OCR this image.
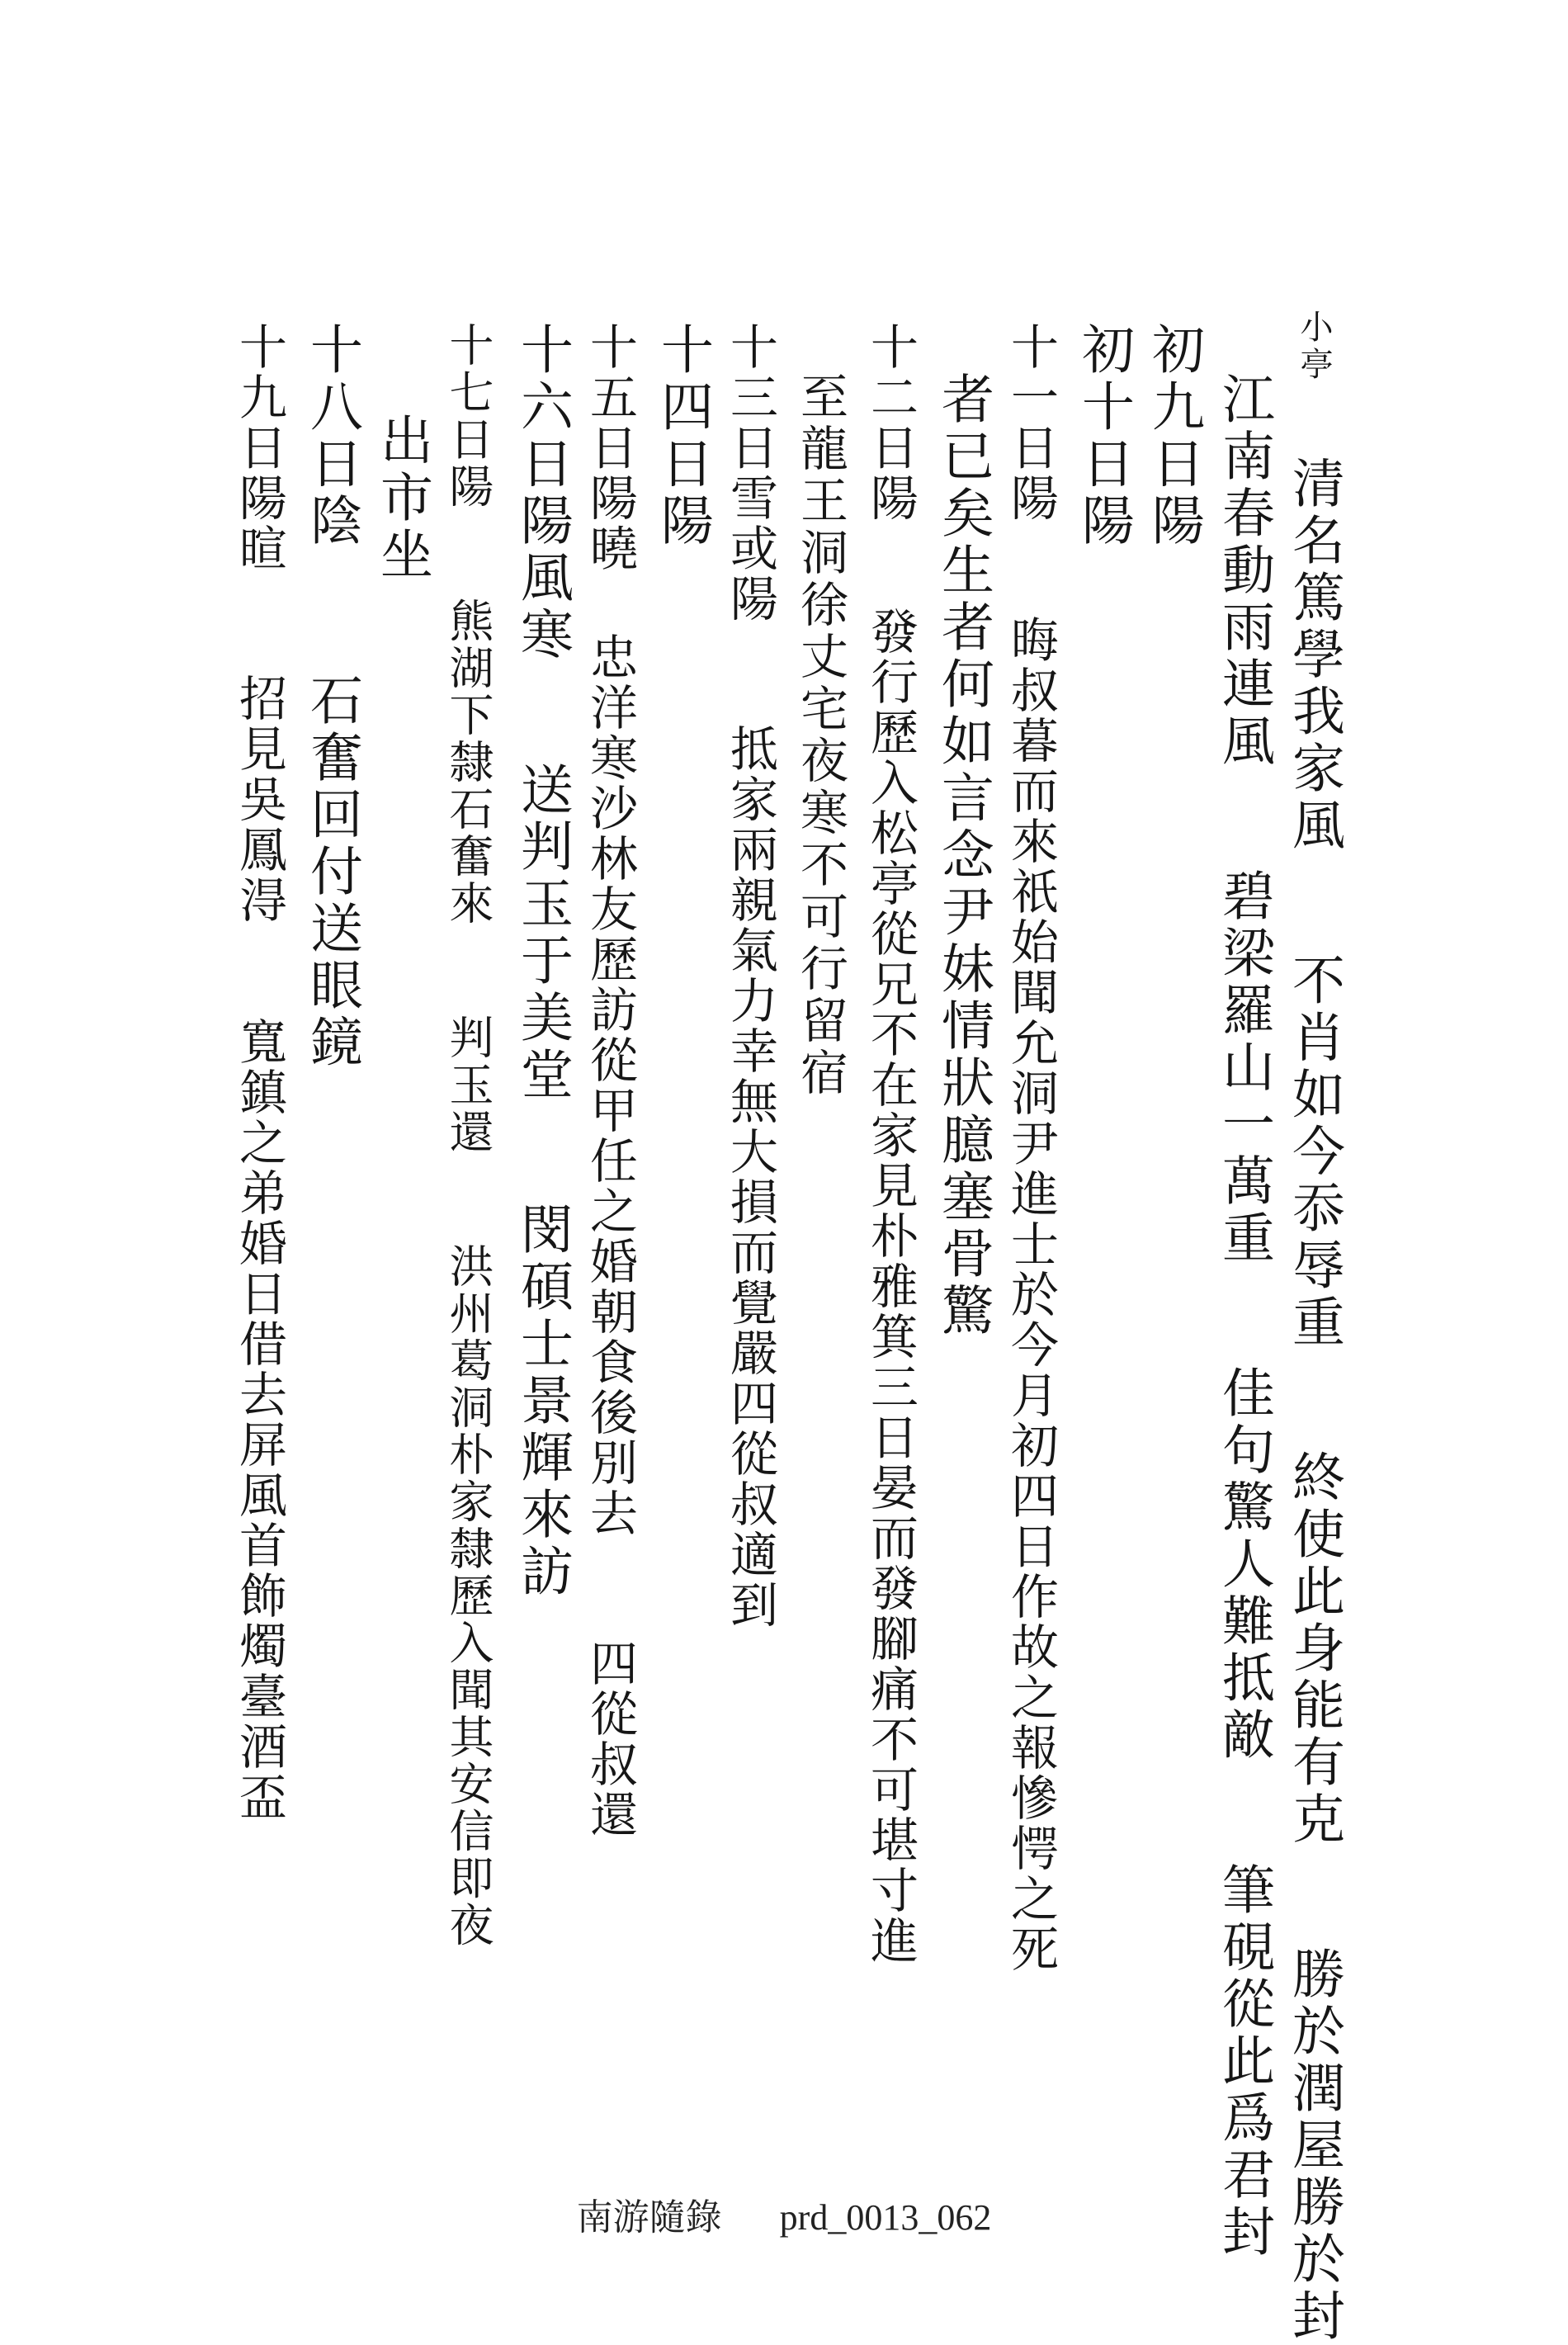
小亭 清名篤學我家風 不肖如今忝辱重 終使此身能有克 勝於潤屋勝於封
江南春動雨連風 碧梁羅山一萬重 佳句驚人難抵敵 筆硯從此爲君封
初九日陽
初十日陽
十一日陽 晦叔暮而來祇始聞允洞尹進士於今月初四日作故之報慘愕之死
者已矣生者何如言念尹妹情狀臆塞骨驚
十二日陽 發行歷入松亭從兄不在家見朴雅箕三日晏而發腳痛不可堪寸進
至龍王洞徐丈宅夜寒不可行留宿
十三日雪或陽 抵家兩親氣力幸無大損而覺嚴四從叔適到
十四日陽
十五日陽曉 忠洋寒沙林友歷訪從甲任之婚朝食後別去 四從叔還
十六日陽風寒 送判玉于美堂 閔碩士景輝來訪
十七日陽 熊湖下隸石奮來 判玉還 洪州葛洞朴家隸歷入聞其安信即夜
出市坐
十八日陰 石奮回付送眼鏡
十九日陽暄 招見吳鳳淂 寬鎮之弟婚日借去屏風首飾燭臺酒盃
南游隨錄 prd_0013_062
